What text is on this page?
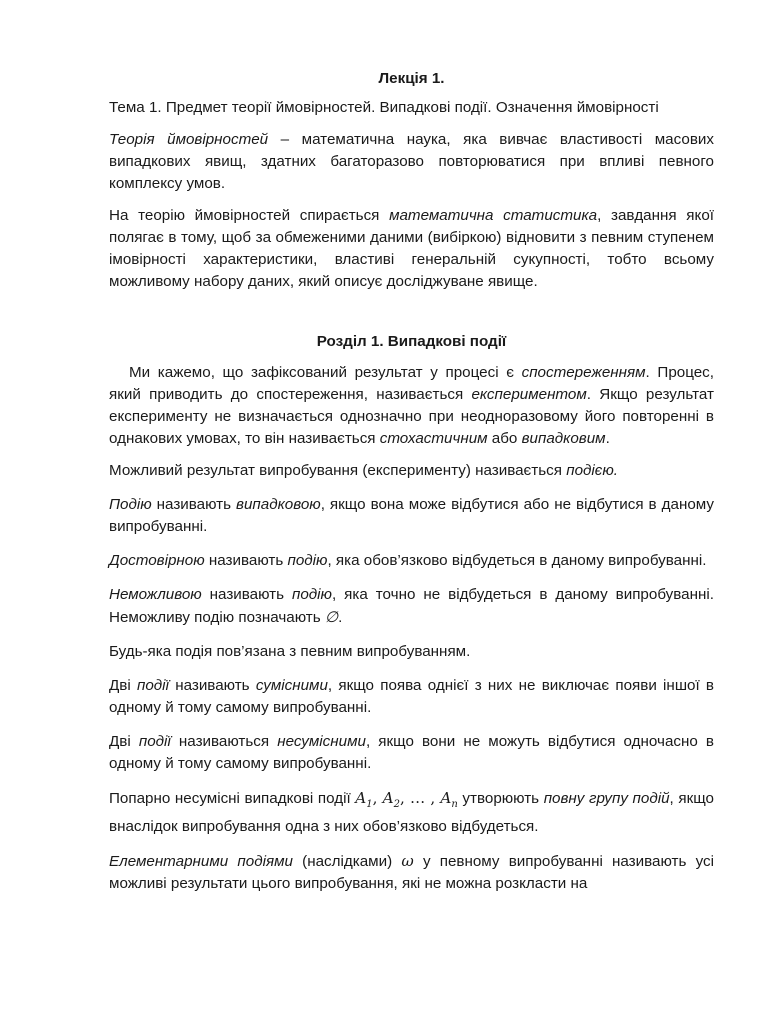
Лекція 1.

Тема 1. Предмет теорії ймовірностей. Випадкові події. Означення ймовірності

Теорія ймовірностей – математична наука, яка вивчає властивості масових випадкових явищ, здатних багаторазово повторюватися при впливі певного комплексу умов.

На теорію ймовірностей спирається математична статистика, завдання якої полягає в тому, щоб за обмеженими даними (вибіркою) відновити з певним ступенем імовірності характеристики, властиві генеральній сукупності, тобто всьому можливому набору даних, який описує досліджуване явище.

Розділ 1. Випадкові події

Ми кажемо, що зафіксований результат у процесі є спостереженням. Процес, який приводить до спостереження, називається експериментом. Якщо результат експерименту не визначається однозначно при неодноразовому його повторенні в однакових умовах, то він називається стохастичним або випадковим.

Можливий результат випробування (експерименту) називається подією.

Подію називають випадковою, якщо вона може відбутися або не відбутися в даному випробуванні.

Достовірною називають подію, яка обов’язково відбудеться в даному випробуванні.

Неможливою називають подію, яка точно не відбудеться в даному випробуванні. Неможливу подію позначають ∅.

Будь-яка подія пов’язана з певним випробуванням.

Дві події називають сумісними, якщо поява однієї з них не виключає появи іншої в одному й тому самому випробуванні.

Дві події називаються несумісними, якщо вони не можуть відбутися одночасно в одному й тому самому випробуванні.

Попарно несумісні випадкові події $A_1$, $A_2$, … , $A_n$ утворюють повну групу подій, якщо внаслідок випробування одна з них обов’язково відбудеться.

Елементарними подіями (наслідками) ω у певному випробуванні називають усі можливі результати цього випробування, які не можна розкласти на
